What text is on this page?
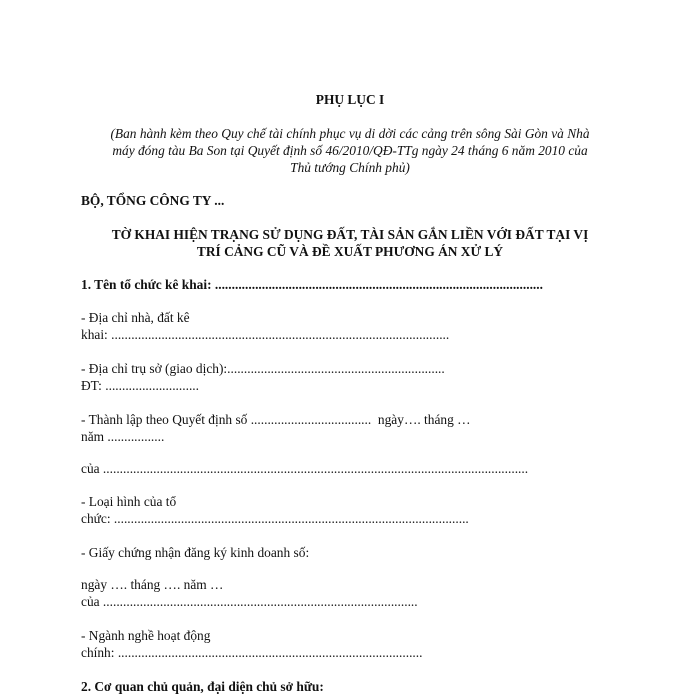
PHỤ LỤC I
(Ban hành kèm theo Quy chế tài chính phục vụ di dời các cảng trên sông Sài Gòn và Nhà
máy đóng tàu Ba Son tại Quyết định số 46/2010/QĐ-TTg ngày 24 tháng 6 năm 2010 của
Thủ tướng Chính phủ)
BỘ, TỔNG CÔNG TY ...
TỜ KHAI HIỆN TRẠNG SỬ DỤNG ĐẤT, TÀI SẢN GẮN LIỀN VỚI ĐẤT TẠI VỊ
TRÍ CẢNG CŨ VÀ ĐỀ XUẤT PHƯƠNG ÁN XỬ LÝ
1. Tên tổ chức kê khai: ..................................................................................................
- Địa chỉ nhà, đất kê
khai: .....................................................................................................
- Địa chỉ trụ sở (giao dịch):.................................................................
ĐT: ............................
- Thành lập theo Quyết định số ....................................  ngày…. tháng …
năm .................
của ...............................................................................................................................
- Loại hình của tổ
chức: ..........................................................................................................
- Giấy chứng nhận đăng ký kinh doanh số:
ngày …. tháng …. năm …
của ..............................................................................................
- Ngành nghề hoạt động
chính: ...........................................................................................
2. Cơ quan chủ quản, đại diện chủ sở hữu:
